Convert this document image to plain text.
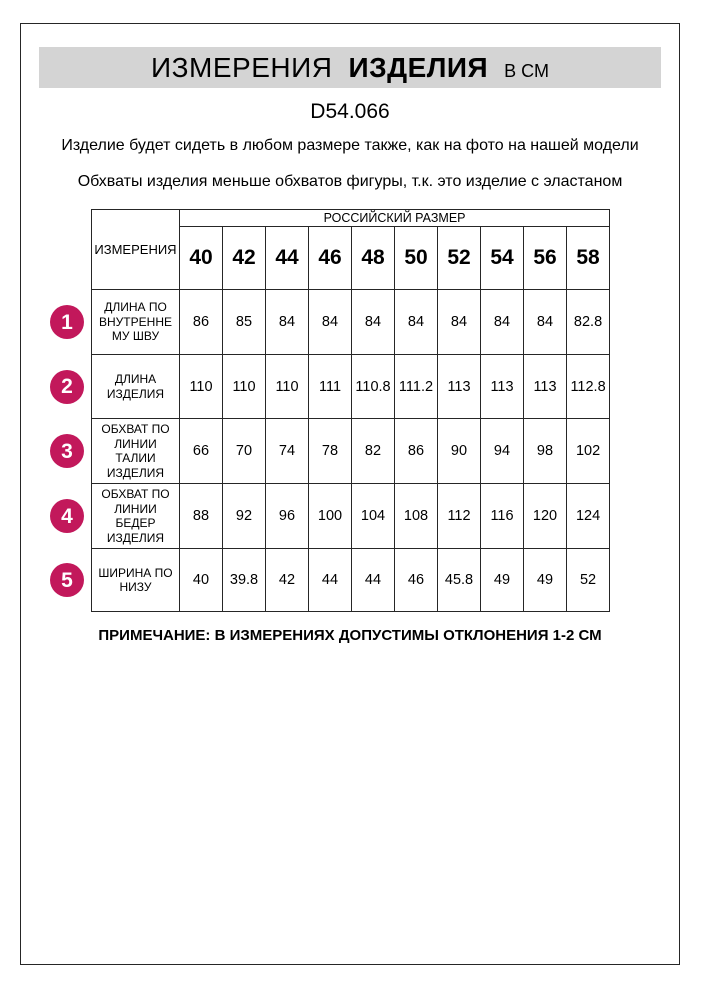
ИЗМЕРЕНИЯ ИЗДЕЛИЯ В СМ
D54.066

Изделие будет сидеть в любом размере также, как на фото на нашей модели

Обхваты изделия меньше обхватов фигуры, т.к. это изделие с эластаном

ИЗМЕРЕНИЯ	РОССИЙСКИЙ РАЗМЕР									
	40	42	44	46	48	50	52	54	56	58

1
ДЛИНА ПО ВНУТРЕННЕМУ ШВУ	86	85	84	84	84	84	84	84	84	82.8

2 ДЛИНА ИЗДЕЛИЯ	110	110	110	111	110.8	111.2	113	113	113	112.8

3
ОБХВАТ ПО ЛИНИИ ТАЛИИ ИЗДЕЛИЯ	66	70	74	78	82	86	90	94	98	102

4
ОБХВАТ ПО ЛИНИИ БЕДЕР ИЗДЕЛИЯ	88	92	96	100	104	108	112	116	120	124

5 ШИРИНА ПО НИЗУ	40	39.8	42	44	44	46	45.8	49	49	52
ПРИМЕЧАНИЕ: В ИЗМЕРЕНИЯХ ДОПУСТИМЫ ОТКЛОНЕНИЯ 1-2 СМ
